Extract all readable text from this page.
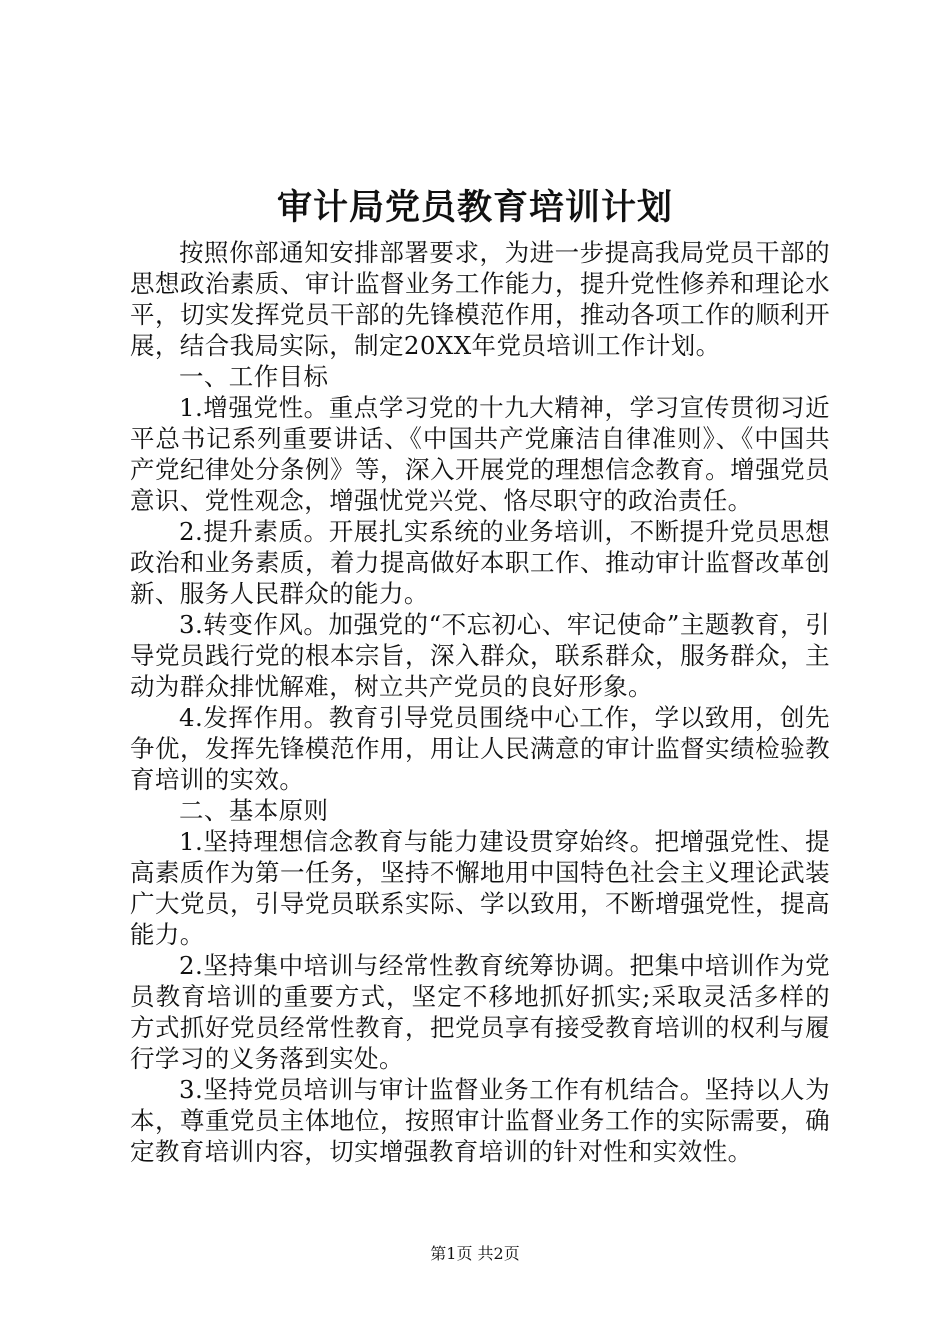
审计局党员教育培训计划

按照你部通知安排部署要求，为进一步提高我局党员干部的思想政治素质、审计监督业务工作能力，提升党性修养和理论水平，切实发挥党员干部的先锋模范作用，推动各项工作的顺利开展，结合我局实际，制定20XX年党员培训工作计划。

一、工作目标

1.增强党性。重点学习党的十九大精神，学习宣传贯彻习近平总书记系列重要讲话、《中国共产党廉洁自律准则》、《中国共产党纪律处分条例》等，深入开展党的理想信念教育。增强党员意识、党性观念，增强忧党兴党、恪尽职守的政治责任。

2.提升素质。开展扎实系统的业务培训，不断提升党员思想政治和业务素质，着力提高做好本职工作、推动审计监督改革创新、服务人民群众的能力。

3.转变作风。加强党的“不忘初心、牢记使命”主题教育，引导党员践行党的根本宗旨，深入群众，联系群众，服务群众，主动为群众排忧解难，树立共产党员的良好形象。

4.发挥作用。教育引导党员围绕中心工作，学以致用，创先争优，发挥先锋模范作用，用让人民满意的审计监督实绩检验教育培训的实效。

二、基本原则

1.坚持理想信念教育与能力建设贯穿始终。把增强党性、提高素质作为第一任务，坚持不懈地用中国特色社会主义理论武装广大党员，引导党员联系实际、学以致用，不断增强党性，提高能力。

2.坚持集中培训与经常性教育统筹协调。把集中培训作为党员教育培训的重要方式，坚定不移地抓好抓实;采取灵活多样的方式抓好党员经常性教育，把党员享有接受教育培训的权利与履行学习的义务落到实处。

3.坚持党员培训与审计监督业务工作有机结合。坚持以人为本，尊重党员主体地位，按照审计监督业务工作的实际需要，确定教育培训内容，切实增强教育培训的针对性和实效性。

第1页 共2页
